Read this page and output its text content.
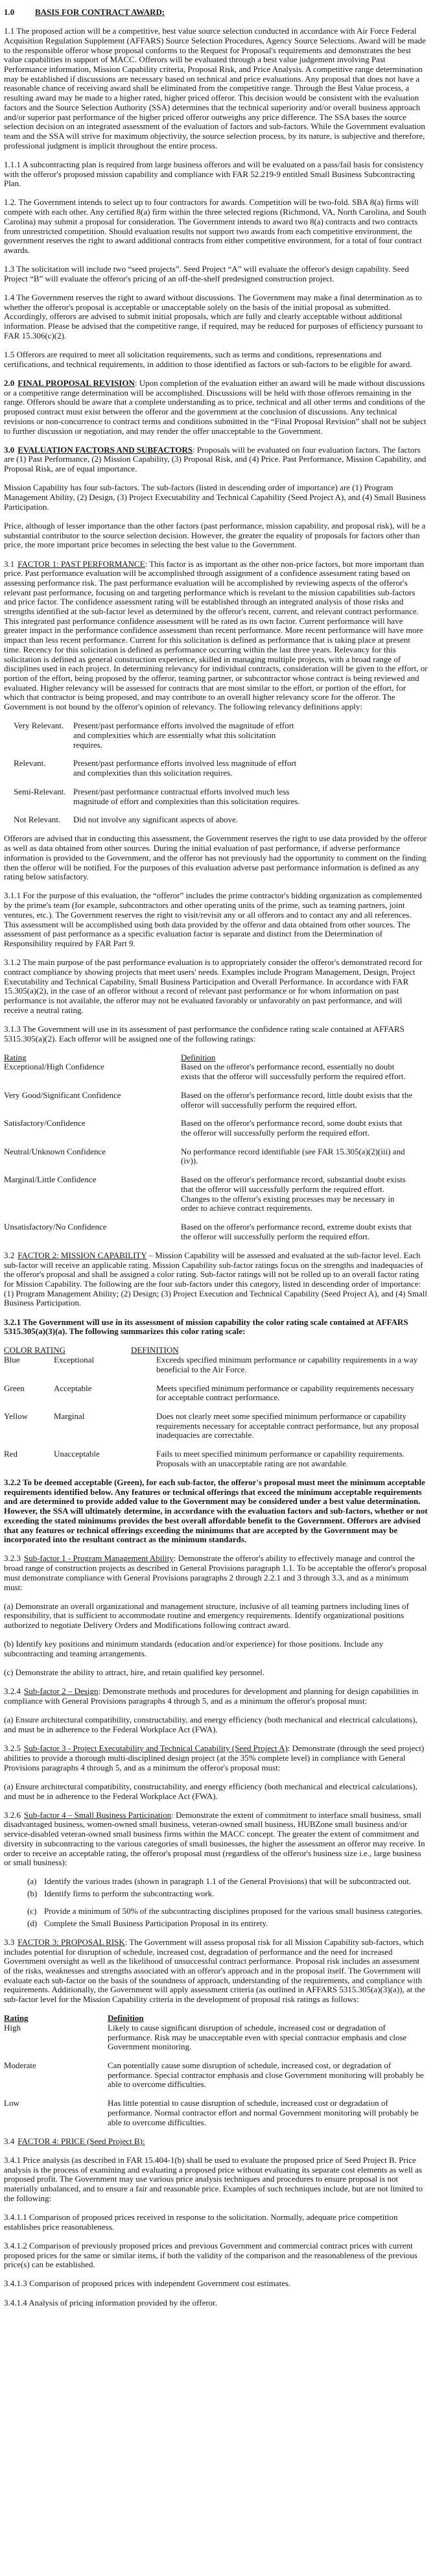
1.0 BASIS FOR CONTRACT AWARD:

1.1 The proposed action will be a competitive, best value source selection conducted in accordance with Air Force Federal Acquisition Regulation Supplement (AFFARS) Source Selection Procedures, Agency Source Selections. Award will be made to the responsible offeror whose proposal conforms to the Request for Proposal's requirements and demonstrates the best value capabilities in support of MACC. Offerors will be evaluated through a best value judgement involving Past Performance information, Mission Capability criteria, Proposal Risk, and Price Analysis. A competitive range determination may be established if discussions are necessary based on technical and price evaluations. Any proposal that does not have a reasonable chance of receiving award shall be eliminated from the competitive range. Through the Best Value process, a resulting award may be made to a higher rated, higher priced offeror. This decision would be consistent with the evaluation factors and the Source Selection Authority (SSA) determines that the technical superiority and/or overall business approach and/or superior past performance of the higher priced offeror outweighs any price difference. The SSA bases the source selection decision on an integrated assessment of the evaluation of factors and sub-factors. While the Government evaluation team and the SSA will strive for maximum objectivity, the source selection process, by its nature, is subjective and therefore, professional judgment is implicit throughout the entire process.

1.1.1 A subcontracting plan is required from large business offerors and will be evaluated on a pass/fail basis for consistency with the offeror's proposed mission capability and compliance with FAR 52.219-9 entitled Small Business Subcontracting Plan.

1.2. The Government intends to select up to four contractors for awards. Competition will be two-fold. SBA 8(a) firms will compete with each other. Any certified 8(a) firm within the three selected regions (Richmond, VA, North Carolina, and South Carolina) may submit a proposal for consideration. The Government intends to award two 8(a) contracts and two contracts from unrestricted competition. Should evaluation results not support two awards from each competitive environment, the government reserves the right to award additional contracts from either competitive environment, for a total of four contract awards.

1.3 The solicitation will include two “seed projects”. Seed Project “A” will evaluate the offeror's design capability. Seed Project “B” will evaluate the offeror's pricing of an off-the-shelf predesigned construction project.

1.4 The Government reserves the right to award without discussions. The Government may make a final determination as to whether the offeror's proposal is acceptable or unacceptable solely on the basis of the initial proposal as submitted. Accordingly, offerors are advised to submit initial proposals, which are fully and clearly acceptable without additional information. Please be advised that the competitive range, if required, may be reduced for purposes of efficiency pursuant to FAR 15.306(c)(2).

1.5 Offerors are required to meet all solicitation requirements, such as terms and conditions, representations and certifications, and technical requirements, in addition to those identified as factors or sub-factors to be eligible for award.

2.0 FINAL PROPOSAL REVISION: Upon completion of the evaluation either an award will be made without discussions or a competitive range determination will be accomplished. Discussions will be held with those offerors remaining in the range. Offerors should be aware that a complete understanding as to price, technical and all other terms and conditions of the proposed contract must exist between the offeror and the government at the conclusion of discussions. Any technical revisions or non-concurrence to contract terms and conditions submitted in the “Final Proposal Revision” shall not be subject to further discussion or negotiation, and may render the offer unacceptable to the Government.

3.0 EVALUATION FACTORS AND SUBFACTORS: Proposals will be evaluated on four evaluation factors. The factors are (1) Past Performance, (2) Mission Capability, (3) Proposal Risk, and (4) Price. Past Performance, Mission Capability, and Proposal Risk, are of equal importance.

Mission Capability has four sub-factors. The sub-factors (listed in descending order of importance) are (1) Program Management Ability, (2) Design, (3) Project Executability and Technical Capability (Seed Project A), and (4) Small Business Participation.

Price, although of lesser importance than the other factors (past performance, mission capability, and proposal risk), will be a substantial contributor to the source selection decision. However, the greater the equality of proposals for factors other than price, the more important price becomes in selecting the best value to the Government.

3.1 FACTOR 1: PAST PERFORMANCE: This factor is as important as the other non-price factors, but more important than price. Past performance evaluation will be accomplished through assignment of a confidence assessment rating based on assessing performance risk. The past performance evaluation will be accomplished by reviewing aspects of the offeror's relevant past performance, focusing on and targeting performance which is revelant to the mission capabilities sub-factors and price factor. The confidence assessment rating will be established through an integrated analysis of those risks and strengths identified at the sub-factor level as determined by the offeror's recent, current, and relevant contract performance. This integrated past performance confidence assessment will be rated as its own factor. Current performance will have greater impact in the performance confidence assessment than recent performance. More recent performance will have more impact than less recent performance. Current for this solicitation is defined as performance that is taking place at present time. Recency for this solicitation is defined as performance occurring within the last three years. Relevancy for this solicitation is defined as general construction experience, skilled in managing multiple projects, with a broad range of disciplines used in each project. In determining relevancy for individual contracts, consideration will be given to the effort, or portion of the effort, being proposed by the offeror, teaming partner, or subcontractor whose contract is being reviewed and evaluated. Higher relevancy will be assessed for contracts that are most similar to the effort, or portion of the effort, for which that contractor is being proposed, and may contribute to an overall higher relevancy score for the offeror. The Government is not bound by the offeror's opinion of relevancy. The following relevancy definitions apply:

Very Relevant.	Present/past performance efforts involved the magnitude of effort and complexities which are essentially what this solicitation requires.
Relevant.	Present/past performance efforts involved less magnitude of effort and complexities than this solicitation requires.
Semi-Relevant. Present/past performance contractual efforts involved much less magnitude of effort and complexities than this solicitation requires.
Not Relevant.	Did not involve any significant aspects of above.

Offerors are advised that in conducting this assessment, the Government reserves the right to use data provided by the offeror as well as data obtained from other sources. During the initial evaluation of past performance, if adverse performance information is provided to the Government, and the offeror has not previously had the opportunity to comment on the finding then the offeror will be notified. For the purposes of this evaluation adverse past performance information is defined as any rating below satisfactory.

3.1.1 For the purpose of this evaluation, the “offeror” includes the prime contractor's bidding organization as complemented by the prime's team (for example, subcontractors and other operating units of the prime, such as teaming partners, joint ventures, etc.). The Government reserves the right to visit/revisit any or all offerors and to contact any and all references. This assessment will be accomplished using both data provided by the offeror and data obtained from other sources. The assessment of past performance as a specific evaluation factor is separate and distinct from the Determination of Responsibility required by FAR Part 9.

3.1.2 The main purpose of the past performance evaluation is to appropriately consider the offeror's demonstrated record for contract compliance by showing projects that meet users' needs. Examples include Program Management, Design, Project Executability and Technical Capability, Small Business Participation and Overall Performance. In accordance with FAR 15.305(a)(2), in the case of an offeror without a record of relevant past performance or for whom information on past performance is not available, the offeror may not be evaluated favorably or unfavorably on past performance, and will receive a neutral rating.

3.1.3 The Government will use in its assessment of past performance the confidence rating scale contained at AFFARS 5315.305(a)(2). Each offeror will be assigned one of the following ratings:

Rating	Definition
Exceptional/High Confidence	Based on the offeror's performance record, essentially no doubt exists that the offeror will successfully perform the required effort.
Very Good/Significant Confidence	Based on the offeror's performance record, little doubt exists that the offeror will successfully perform the required effort.
Satisfactory/Confidence	Based on the offeror's performance record, some doubt exists that the offeror will successfully perform the required effort.
Neutral/Unknown Confidence	No performance record identifiable (see FAR 15.305(a)(2)(iii) and (iv)).
Marginal/Little Confidence	Based on the offeror's performance record, substantial doubt exists that the offeror will successfully perform the required effort. Changes to the offeror's existing processes may be necessary in order to achieve contract requirements.
Unsatisfactory/No Confidence	Based on the offeror's performance record, extreme doubt exists that the offeror will successfully perform the required effort.

3.2 FACTOR 2: MISSION CAPABILITY – Mission Capability will be assessed and evaluated at the sub-factor level. Each sub-factor will receive an applicable rating. Mission Capability sub-factor ratings focus on the strengths and inadequacies of the offeror's proposal and shall be assigned a color rating. Sub-factor ratings will not be rolled up to an overall factor rating for Mission Capability. The following are the four sub-factors under this category, listed in descending order of importance: (1) Program Management Ability; (2) Design; (3) Project Execution and Technical Capability (Seed Project A), and (4) Small Business Participation.

3.2.1 The Government will use in its assessment of mission capability the color rating scale contained at AFFARS 5315.305(a)(3)(a). The following summarizes this color rating scale:

COLOR RATING	DEFINITION
Blue	Exceptional	Exceeds specified minimum performance or capability requirements in a way beneficial to the Air Force.
Green	Acceptable	Meets specified minimum performance or capability requirements necessary for acceptable contract performance.
Yellow	Marginal	Does not clearly meet some specified minimum performance or capability requirements necessary for acceptable contract performance, but any proposal inadequacies are correctable.
Red	Unacceptable	Fails to meet specified minimum performance or capability requirements. Proposals with an unacceptable rating are not awardable.

3.2.2 To be deemed acceptable (Green), for each sub-factor, the offeror's proposal must meet the minimum acceptable requirements identified below. Any features or technical offerings that exceed the minimum acceptable requirements and are determined to provide added value to the Government may be considered under a best value determination. However, the SSA will ultimately determine, in accordance with the evaluation factors and sub-factors, whether or not exceeding the stated minimums provides the best overall affordable benefit to the Government. Offerors are advised that any features or technical offerings exceeding the minimums that are accepted by the Government may be incorporated into the resultant contract as the minimum standards.

3.2.3 Sub-factor 1 - Program Management Ability: Demonstrate the offeror's ability to effectively manage and control the broad range of construction projects as described in General Provisions paragraph 1.1. To be acceptable the offeror's proposal must demonstrate compliance with General Provisions paragraphs 2 through 2.2.1 and 3 through 3.3, and as a minimum must:

(a) Demonstrate an overall organizational and management structure, inclusive of all teaming partners including lines of responsibility, that is sufficient to accommodate routine and emergency requirements. Identify organizational positions authorized to negotiate Delivery Orders and Modifications following contract award.

(b) Identify key positions and minimum standards (education and/or experience) for those positions. Include any subcontracting and teaming arrangements.

(c) Demonstrate the ability to attract, hire, and retain qualified key personnel.

3.2.4 Sub-factor 2 – Design: Demonstrate methods and procedures for development and planning for design capabilities in compliance with General Provisions paragraphs 4 through 5, and as a minimum the offeror's proposal must:

(a) Ensure architectural compatibility, constructability, and energy efficiency (both mechanical and electrical calculations), and must be in adherence to the Federal Workplace Act (FWA).

3.2.5 Sub-factor 3 - Project Executability and Technical Capability (Seed Project A): Demonstrate (through the seed project) abilities to provide a thorough multi-disciplined design project (at the 35% complete level) in compliance with General Provisions paragraphs 4 through 5, and as a minimum the offeror's proposal must:

(a) Ensure architectural compatibility, constructability, and energy efficiency (both mechanical and electrical calculations), and must be in adherence to the Federal Workplace Act (FWA).

3.2.6 Sub-factor 4 – Small Business Participation: Demonstrate the extent of commitment to interface small business, small disadvantaged business, women-owned small business, veteran-owned small business, HUBZone small business and/or service-disabled veteran-owned small business firms within the MACC concept. The greater the extent of commitment and diversity in subcontracting to the various categories of small businesses, the higher the assessment an offeror may receive. In order to receive an acceptable rating, the offeror's proposal must (regardless of the offeror's business size i.e., large business or small business):

(a) Identify the various trades (shown in paragraph 1.1 of the General Provisions) that will be subcontracted out.
(b) Identify firms to perform the subcontracting work.
(c) Provide a minimum of 50% of the subcontracting disciplines proposed for the various small business categories.
(d) Complete the Small Business Participation Proposal in its entirety.

3.3 FACTOR 3: PROPOSAL RISK: The Government will assess proposal risk for all Mission Capability sub-factors, which includes potential for disruption of schedule, increased cost, degradation of performance and the need for increased Government oversight as well as the likelihood of unsuccessful contract performance. Proposal risk includes an assessment of the risks, weaknesses and strengths associated with an offeror's approach and in the proposal itself. The Government will evaluate each sub-factor on the basis of the soundness of approach, understanding of the requirements, and compliance with requirements. Additionally, the Government will apply assessment criteria (as outlined in AFFARS 5315.305(a)(3)(a)), at the sub-factor level for the Mission Capability criteria in the development of proposal risk ratings as follows:

Rating	Definition
High	Likely to cause significant disruption of schedule, increased cost or degradation of performance. Risk may be unacceptable even with special contractor emphasis and close Government monitoring.
Moderate	Can potentially cause some disruption of schedule, increased cost, or degradation of performance. Special contractor emphasis and close Government monitoring will probably be able to overcome difficulties.
Low	Has little potential to cause disruption of schedule, increased cost or degradation of performance. Normal contractor effort and normal Government monitoring will probably be able to overcome difficulties.

3.4 FACTOR 4: PRICE (Seed Project B):

3.4.1 Price analysis (as described in FAR 15.404-1(b) shall be used to evaluate the proposed price of Seed Project B. Price analysis is the process of examining and evaluating a proposed price without evaluating its separate cost elements as well as proposed profit. The Government may use various price analysis techniques and procedures to ensure proposal is not materially unbalanced, and to ensure a fair and reasonable price. Examples of such techniques include, but are not limited to the following:

3.4.1.1 Comparison of proposed prices received in response to the solicitation. Normally, adequate price competition establishes price reasonableness.

3.4.1.2 Comparison of previously proposed prices and previous Government and commercial contract prices with current proposed prices for the same or similar items, if both the validity of the comparison and the reasonableness of the previous price(s) can be established.

3.4.1.3 Comparison of proposed prices with independent Government cost estimates.

3.4.1.4 Analysis of pricing information provided by the offeror.
